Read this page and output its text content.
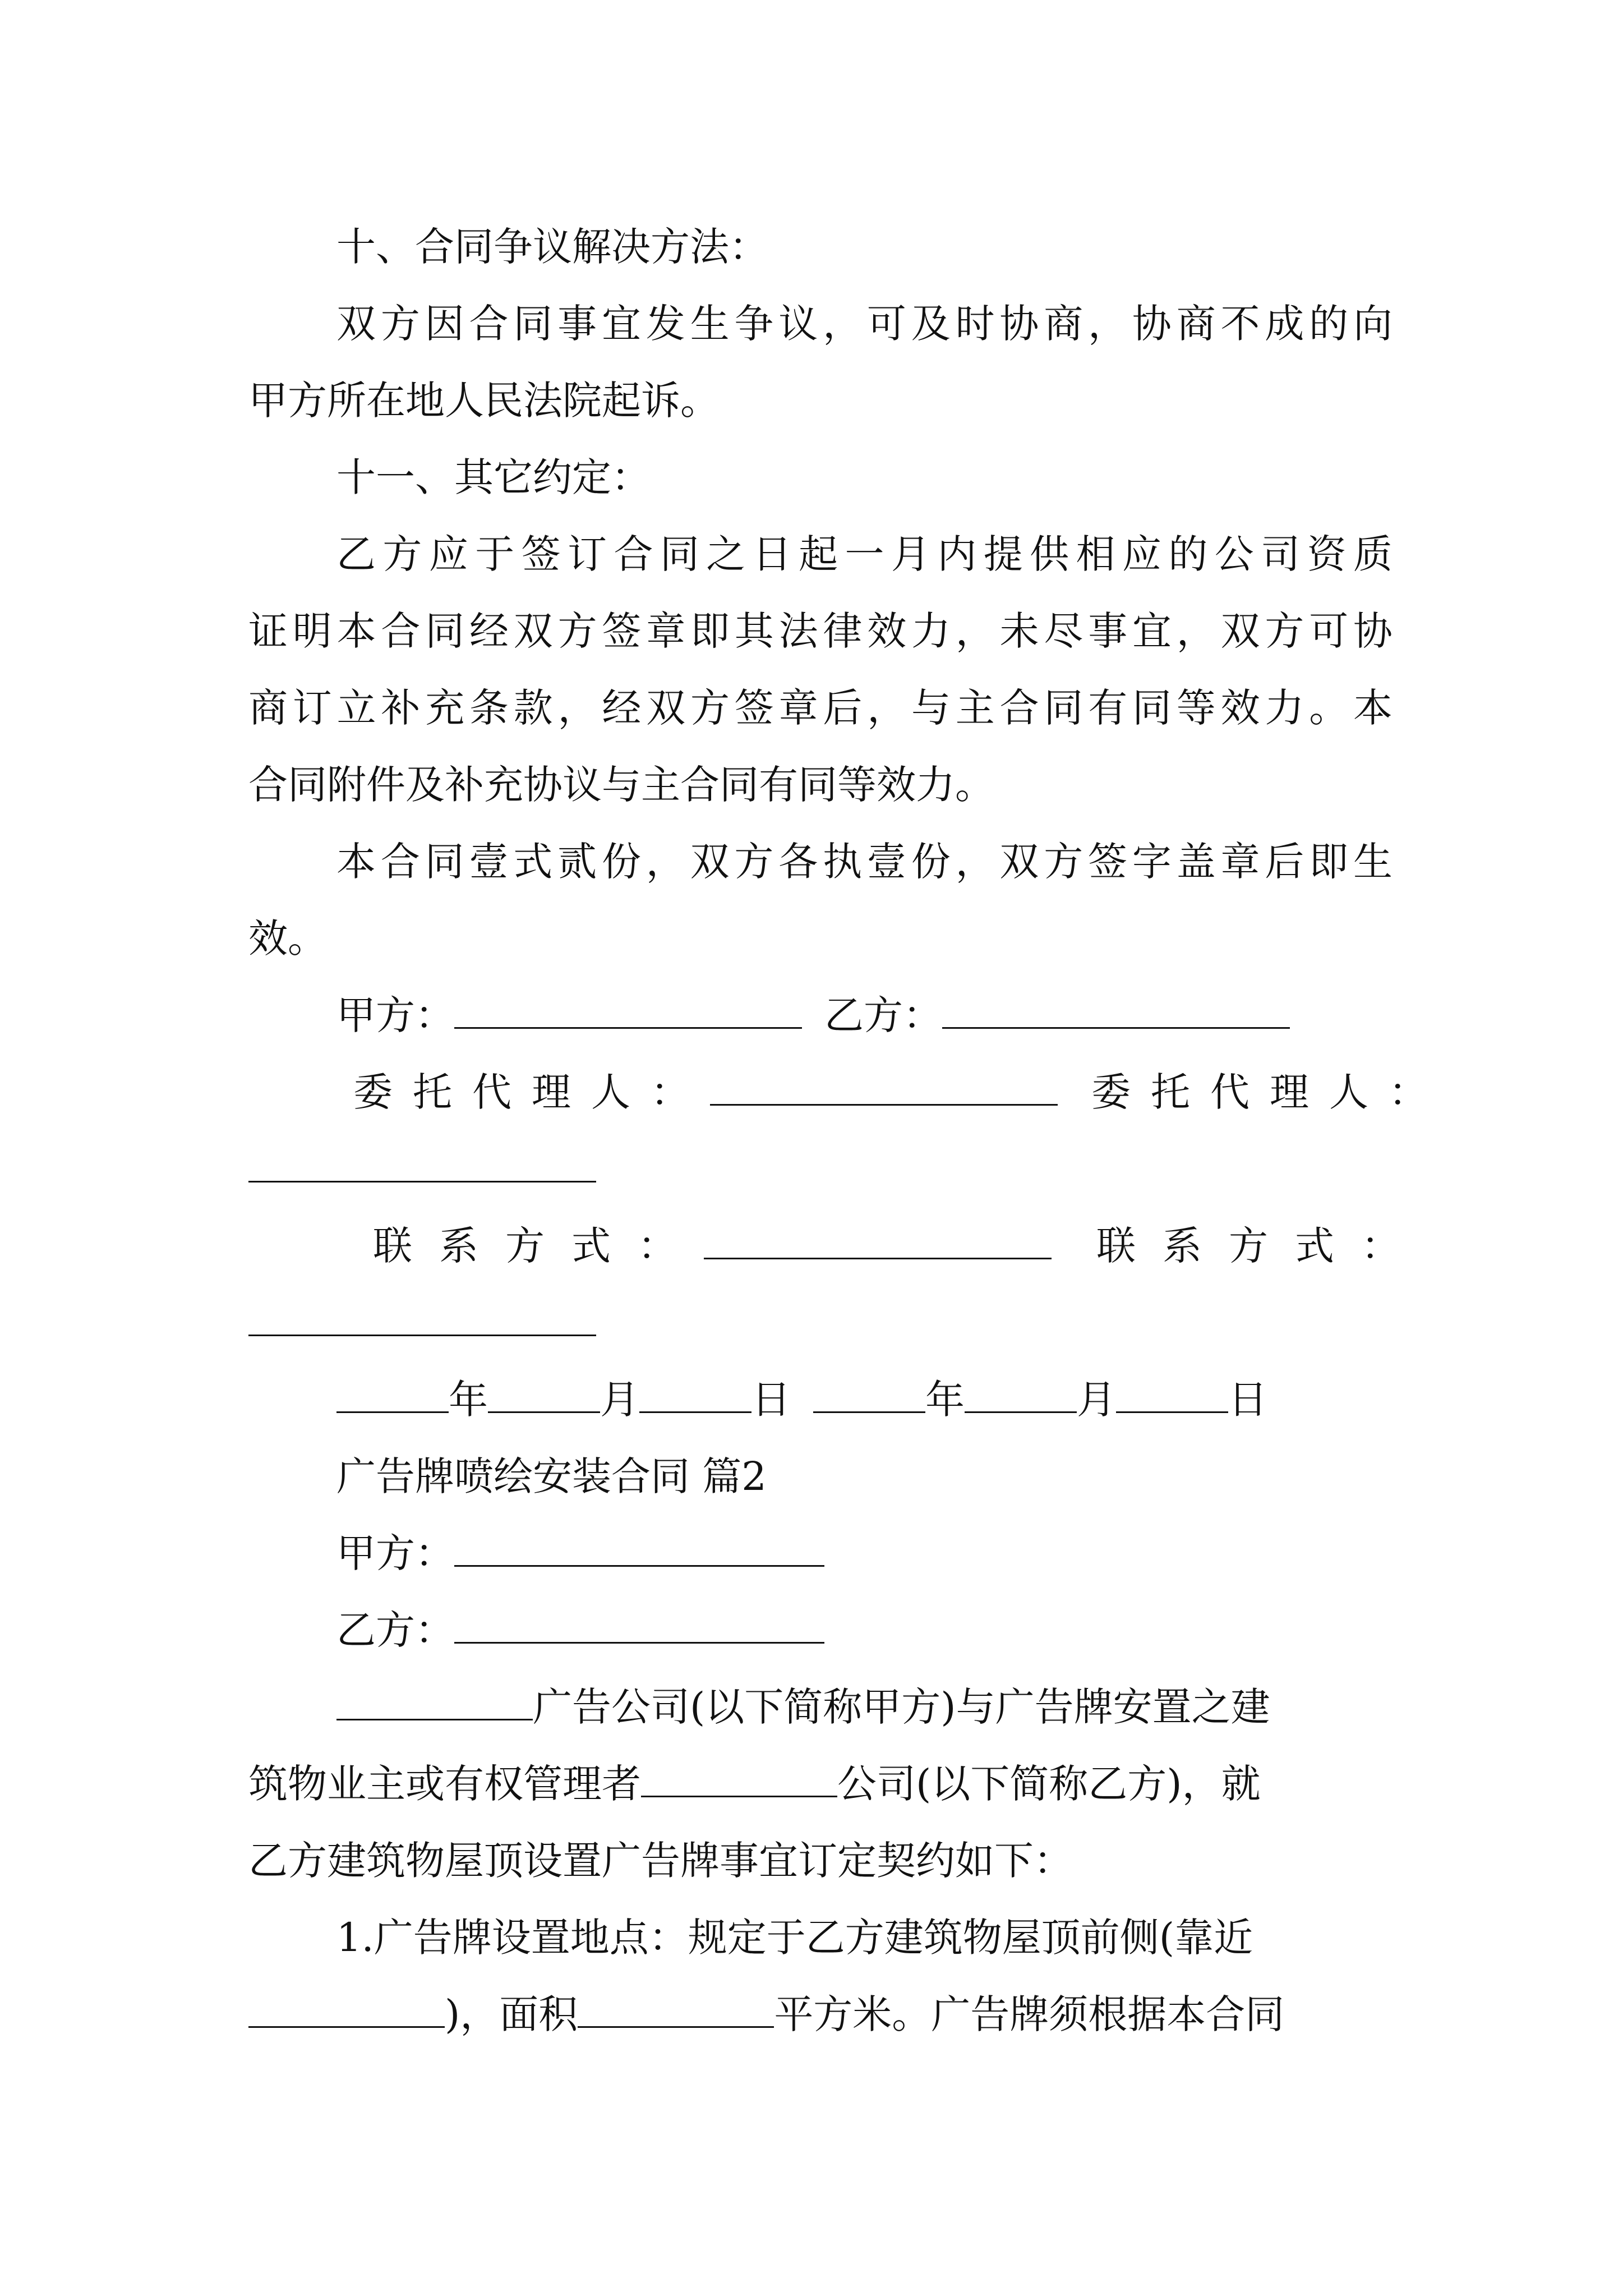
十、合同争议解决方法：
双方因合同事宜发生争议，可及时协商，协商不成的向
甲方所在地人民法院起诉。
十一、其它约定：
乙方应于签订合同之日起一月内提供相应的公司资质
证明本合同经双方签章即其法律效力，未尽事宜，双方可协
商订立补充条款，经双方签章后，与主合同有同等效力。本
合同附件及补充协议与主合同有同等效力。
本合同壹式贰份，双方各执壹份，双方签字盖章后即生
效。
甲方：	乙方：
委托代理人：	委托代理人：
联系方式：	联系方式：
年	月	日	年	月	日
广告牌喷绘安装合同 篇2
甲方：
乙方：
广告公司(以下简称甲方)与广告牌安置之建
筑物业主或有权管理者	公司(以下简称乙方)，就
乙方建筑物屋顶设置广告牌事宜订定契约如下：
1.广告牌设置地点：规定于乙方建筑物屋顶前侧(靠近
)，面积	平方米。广告牌须根据本合同
